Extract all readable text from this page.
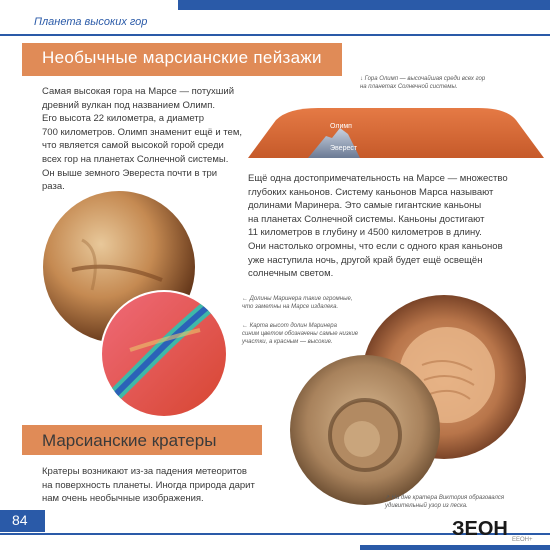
Планета высоких гор
Необычные марсианские пейзажи

Самая высокая гора на Марсе — потухший

древний вулкан под названием Олимп.

Его высота 22 километра, а диаметр

700 километров. Олимп знаменит ещё и тем,

что является самой высокой горой среди

всех гор на планетах Солнечной системы.

Он выше земного Эвереста почти в три

раза.

↓ Гора Олимп — высочайшая среди всех гор
на планетах Солнечной системы.
Олимп
Эверест

Ещё одна достопримечательность на Марсе — множество

глубоких каньонов. Систему каньонов Марса называют

долинами Маринера. Это самые гигантские каньоны

на планетах Солнечной системы. Каньоны достигают

11 километров в глубину и 4500 километров в длину.

Они настолько огромны, что если с одного края каньонов

уже наступила ночь, другой край будет ещё освещён

солнечным светом.

← Долины Маринера такие огромные,
что заметны на Марсе издалека.
← Карта высот долин Маринера
синим цветом обозначены самые низкие
участки, а красным — высокие.
Марсианские кратеры

Кратеры возникают из-за падения метеоритов

на поверхность планеты. Иногда природа дарит

нам очень необычные изображения.	↗ На дне кратера Виктория образовался
удивительный узор из песка.
84	ЗЕОН ЕЕОН+
